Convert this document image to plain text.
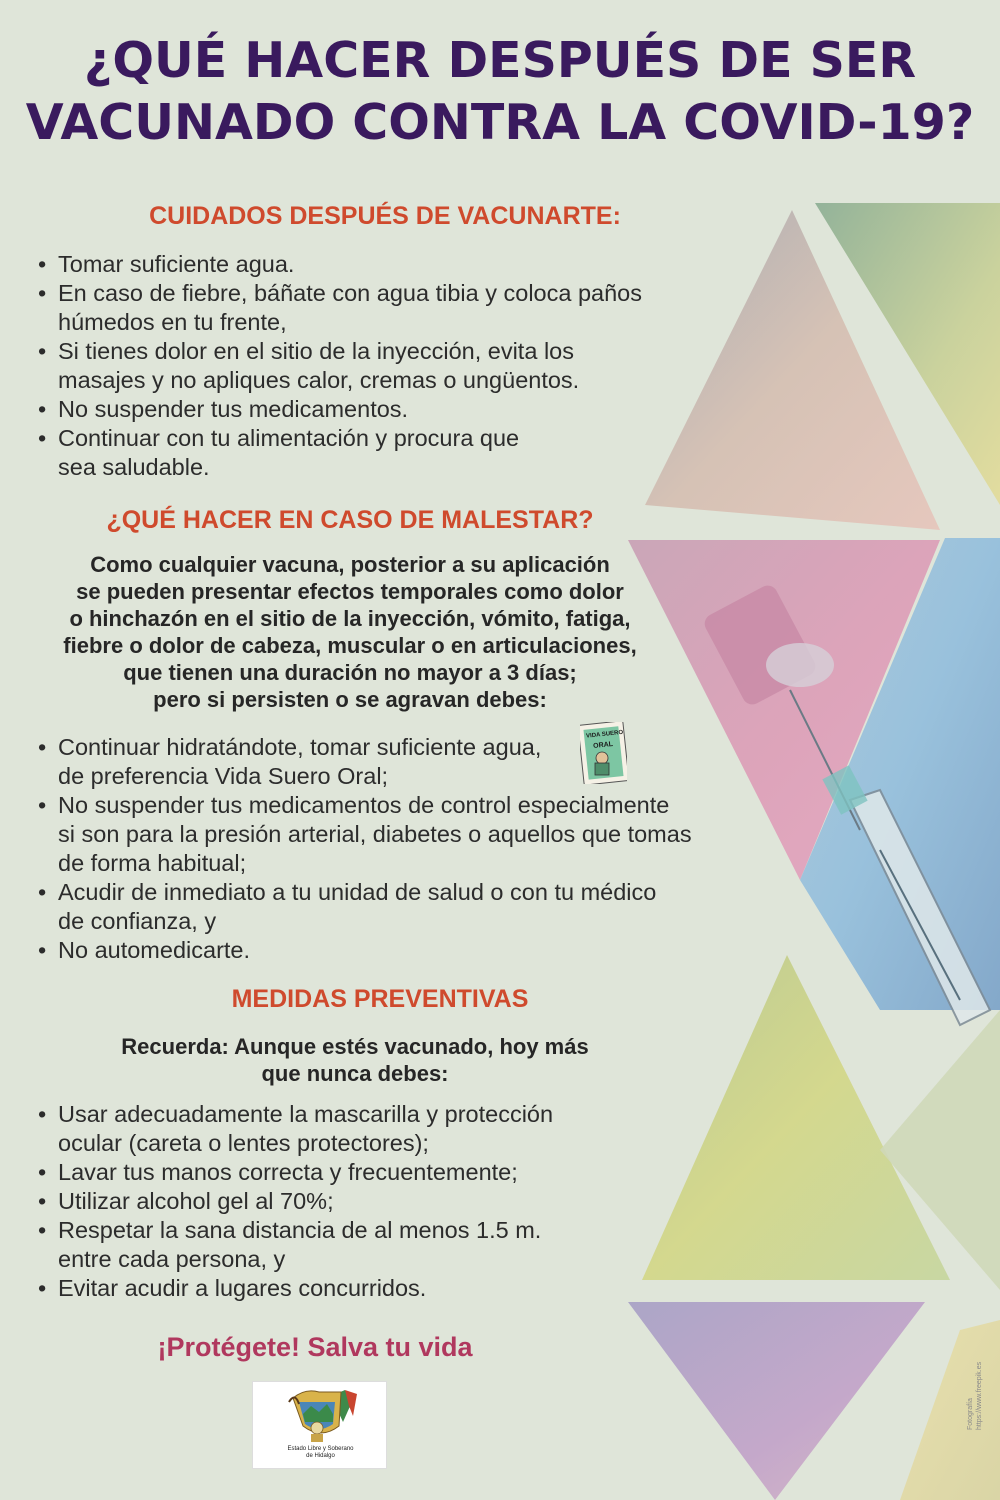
¿QUÉ HACER DESPUÉS DE SER
VACUNADO CONTRA LA COVID-19?
CUIDADOS DESPUÉS DE VACUNARTE:
• Tomar suficiente agua.
• En caso de fiebre, báñate con agua tibia y coloca paños
húmedos en tu frente,
• Si tienes dolor en el sitio de la inyección, evita los
masajes y no apliques calor, cremas o ungüentos.
• No suspender tus medicamentos.
• Continuar con tu alimentación y procura que
sea saludable.
¿QUÉ HACER EN CASO DE MALESTAR?
Como cualquier vacuna, posterior a su aplicación
se pueden presentar efectos temporales como dolor
o hinchazón en el sitio de la inyección, vómito, fatiga,
fiebre o dolor de cabeza, muscular o en articulaciones,
que tienen una duración no mayor a 3 días;
pero si persisten o se agravan debes:
• Continuar hidratándote, tomar suficiente agua,
de preferencia Vida Suero Oral;
• No suspender tus medicamentos de control especialmente
si son para la presión arterial, diabetes o aquellos que tomas
de forma habitual;
• Acudir de inmediato a tu unidad de salud o con tu médico
de confianza, y
• No automedicarte.
VIDA SUERO
ORAL
MEDIDAS PREVENTIVAS
Recuerda: Aunque estés vacunado, hoy más
que nunca debes:
• Usar adecuadamente la mascarilla y protección
ocular (careta o lentes protectores);
• Lavar tus manos correcta y frecuentemente;
• Utilizar alcohol gel al 70%;
• Respetar la sana distancia de al menos 1.5 m.
entre cada persona, y
• Evitar acudir a lugares concurridos.
¡Protégete! Salva tu vida
Estado Libre y Soberano
de Hidalgo
Fotografía https://www.freepik.es
